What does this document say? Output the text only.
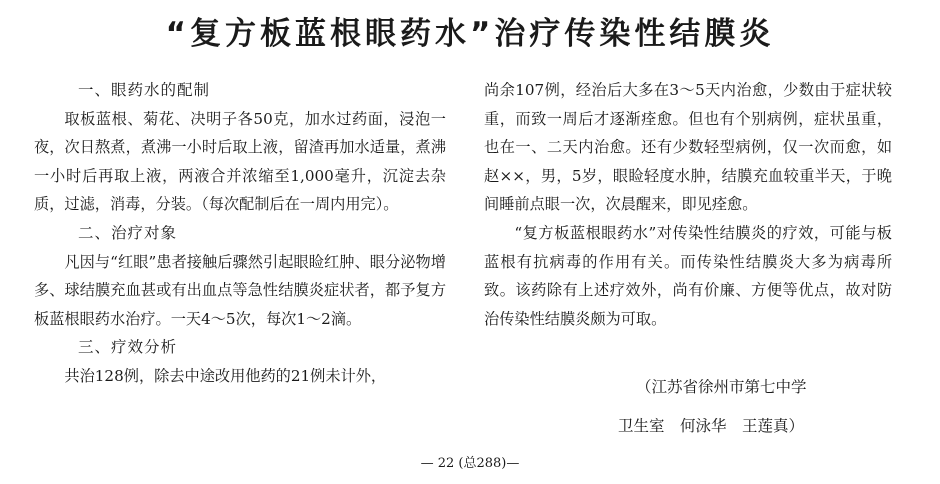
“复方板蓝根眼药水”治疗传染性结膜炎

一、眼药水的配制

取板蓝根、菊花、决明子各50克，加水过药面，浸泡一夜，次日熬煮，煮沸一小时后取上液，留渣再加水适量，煮沸一小时后再取上液，两液合并浓缩至1,000毫升，沉淀去杂质，过滤，消毒，分装。（每次配制后在一周内用完）。

二、治疗对象

凡因与“红眼”患者接触后骤然引起眼睑红肿、眼分泌物增多、球结膜充血甚或有出血点等急性结膜炎症状者，都予复方板蓝根眼药水治疗。一天4～5次，每次1～2滴。

三、疗效分析

共治128例，除去中途改用他药的21例未计外，

尚余107例，经治后大多在3～5天内治愈，少数由于症状较重，而致一周后才逐渐痊愈。但也有个别病例，症状虽重，也在一、二天内治愈。还有少数轻型病例，仅一次而愈，如赵××，男，5岁，眼睑轻度水肿，结膜充血较重半天，于晚间睡前点眼一次，次晨醒来，即见痊愈。

“复方板蓝根眼药水”对传染性结膜炎的疗效，可能与板蓝根有抗病毒的作用有关。而传染性结膜炎大多为病毒所致。该药除有上述疗效外，尚有价廉、方便等优点，故对防治传染性结膜炎颇为可取。

（江苏省徐州市第七中学
卫生室　何泳华　王莲真）
— 22 (总288)—
